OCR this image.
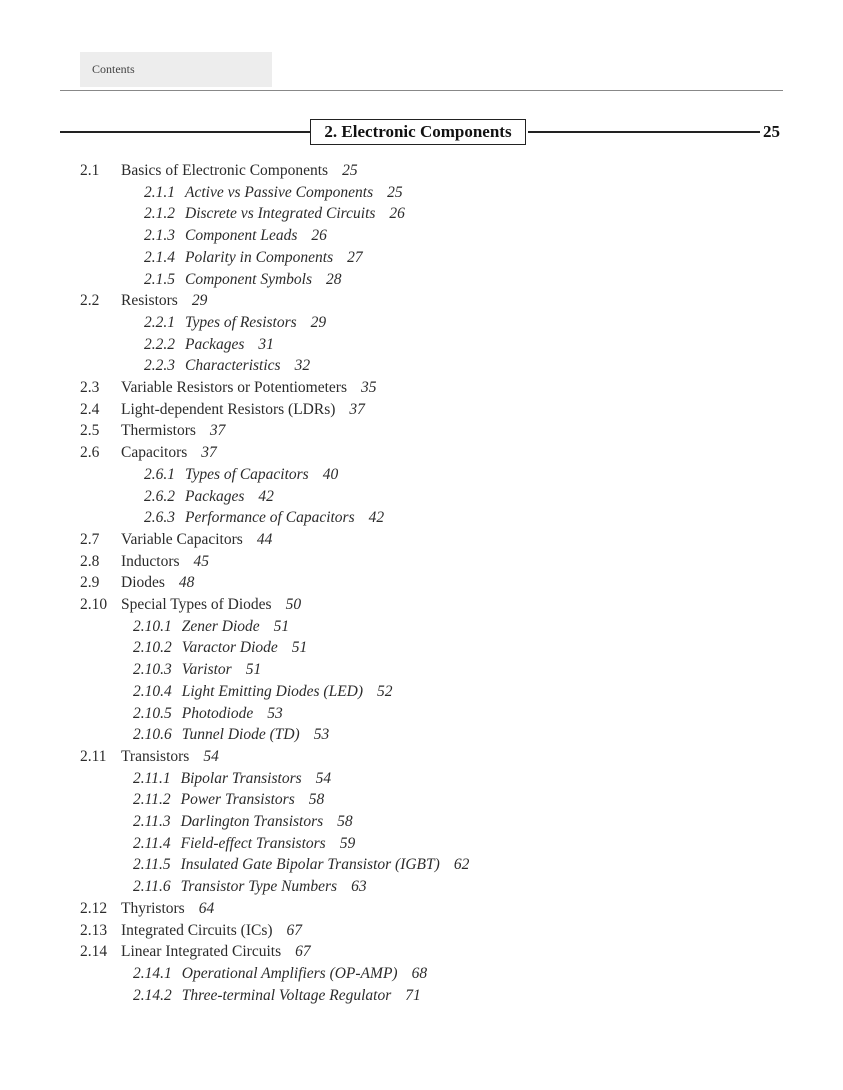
Contents
2. Electronic Components	25
2.1 Basics of Electronic Components 25
2.1.1 Active vs Passive Components 25
2.1.2 Discrete vs Integrated Circuits 26
2.1.3 Component Leads 26
2.1.4 Polarity in Components 27
2.1.5 Component Symbols 28
2.2 Resistors 29
2.2.1 Types of Resistors 29
2.2.2 Packages 31
2.2.3 Characteristics 32
2.3 Variable Resistors or Potentiometers 35
2.4 Light-dependent Resistors (LDRs) 37
2.5 Thermistors 37
2.6 Capacitors 37
2.6.1 Types of Capacitors 40
2.6.2 Packages 42
2.6.3 Performance of Capacitors 42
2.7 Variable Capacitors 44
2.8 Inductors 45
2.9 Diodes 48
2.10 Special Types of Diodes 50
2.10.1 Zener Diode 51
2.10.2 Varactor Diode 51
2.10.3 Varistor 51
2.10.4 Light Emitting Diodes (LED) 52
2.10.5 Photodiode 53
2.10.6 Tunnel Diode (TD) 53
2.11 Transistors 54
2.11.1 Bipolar Transistors 54
2.11.2 Power Transistors 58
2.11.3 Darlington Transistors 58
2.11.4 Field-effect Transistors 59
2.11.5 Insulated Gate Bipolar Transistor (IGBT) 62
2.11.6 Transistor Type Numbers 63
2.12 Thyristors 64
2.13 Integrated Circuits (ICs) 67
2.14 Linear Integrated Circuits 67
2.14.1 Operational Amplifiers (OP-AMP) 68
2.14.2 Three-terminal Voltage Regulator 71
